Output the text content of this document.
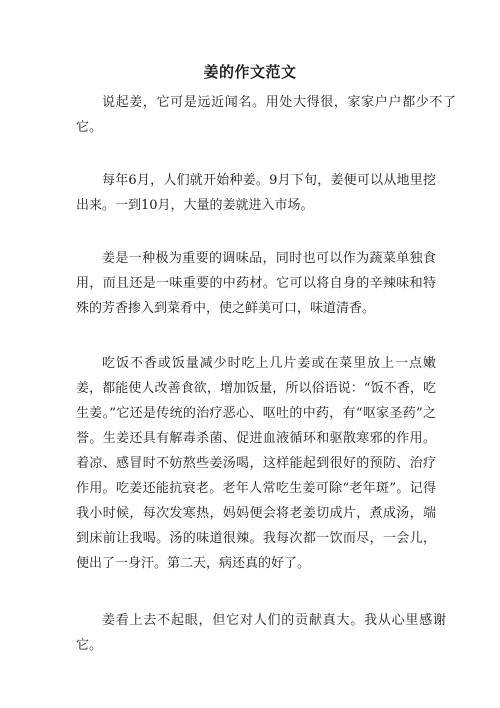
姜的作文范文

说起姜，它可是远近闻名。用处大得很，家家户户都少不了它。

每年6月，人们就开始种姜。9月下旬，姜便可以从地里挖出来。一到10月，大量的姜就进入市场。

姜是一种极为重要的调味品，同时也可以作为蔬菜单独食用，而且还是一味重要的中药材。它可以将自身的辛辣味和特殊的芳香掺入到菜肴中，使之鲜美可口，味道清香。

吃饭不香或饭量减少时吃上几片姜或在菜里放上一点嫩姜，都能使人改善食欲，增加饭量，所以俗语说：“饭不香，吃生姜。”它还是传统的治疗恶心、呕吐的中药，有“呕家圣药”之誉。生姜还具有解毒杀菌、促进血液循环和驱散寒邪的作用。着凉、感冒时不妨熬些姜汤喝，这样能起到很好的预防、治疗作用。吃姜还能抗衰老。老年人常吃生姜可除“老年斑”。记得我小时候，每次发寒热，妈妈便会将老姜切成片，煮成汤，端到床前让我喝。汤的味道很辣。我每次都一饮而尽，一会儿，便出了一身汗。第二天，病还真的好了。

姜看上去不起眼，但它对人们的贡献真大。我从心里感谢它。
